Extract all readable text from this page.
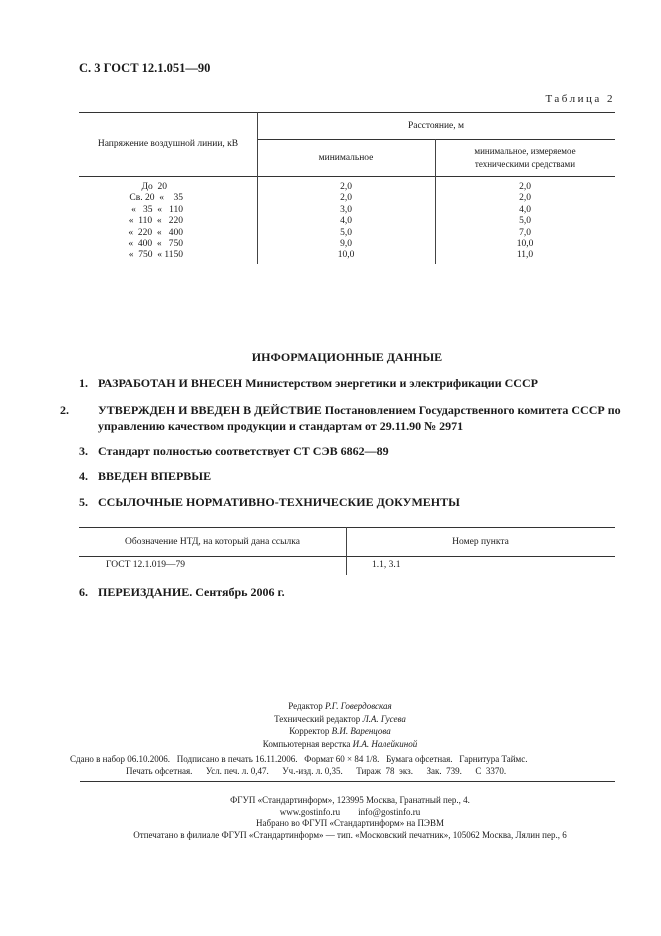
С. 3 ГОСТ 12.1.051—90
Таблица 2
Напряжение воздушной линии, кВ
Расстояние, м
минимальное
минимальное, измеряемое техническими средствами
До  20
Св. 20  «    35
«   35  «   110
«  110  «   220
«  220  «   400
«  400  «   750
«  750  « 1150
2,0
2,0
3,0
4,0
5,0
9,0
10,0
2,0
2,0
4,0
5,0
7,0
10,0
11,0
ИНФОРМАЦИОННЫЕ ДАННЫЕ
1. РАЗРАБОТАН И ВНЕСЕН Министерством энергетики и электрификации СССР
2. УТВЕРЖДЕН И ВВЕДЕН В ДЕЙСТВИЕ Постановлением Государственного комитета СССР по управлению качеством продукции и стандартам от 29.11.90 № 2971
3. Стандарт полностью соответствует СТ СЭВ 6862—89
4. ВВЕДЕН ВПЕРВЫЕ
5. ССЫЛОЧНЫЕ НОРМАТИВНО-ТЕХНИЧЕСКИЕ ДОКУМЕНТЫ
Обозначение НТД, на который дана ссылка	Номер пункта
ГОСТ 12.1.019—79	1.1, 3.1
6. ПЕРЕИЗДАНИЕ. Сентябрь 2006 г.
Редактор Р.Г. Говердовская
Технический редактор Л.А. Гусева
Корректор В.И. Варенцова
Компьютерная верстка И.А. Налейкиной
Сдано в набор 06.10.2006.   Подписано в печать 16.11.2006.   Формат 60 × 84 1/8.   Бумага офсетная.   Гарнитура Таймс.
Печать офсетная.      Усл. печ. л. 0,47.      Уч.-изд. л. 0,35.      Тираж  78  экз.      Зак.  739.      С  3370.
ФГУП «Стандартинформ», 123995 Москва, Гранатный пер., 4.
www.gostinfo.ru        info@gostinfo.ru
Набрано во ФГУП «Стандартинформ» на ПЭВМ
Отпечатано в филиале ФГУП «Стандартинформ» — тип. «Московский печатник», 105062 Москва, Лялин пер., 6
